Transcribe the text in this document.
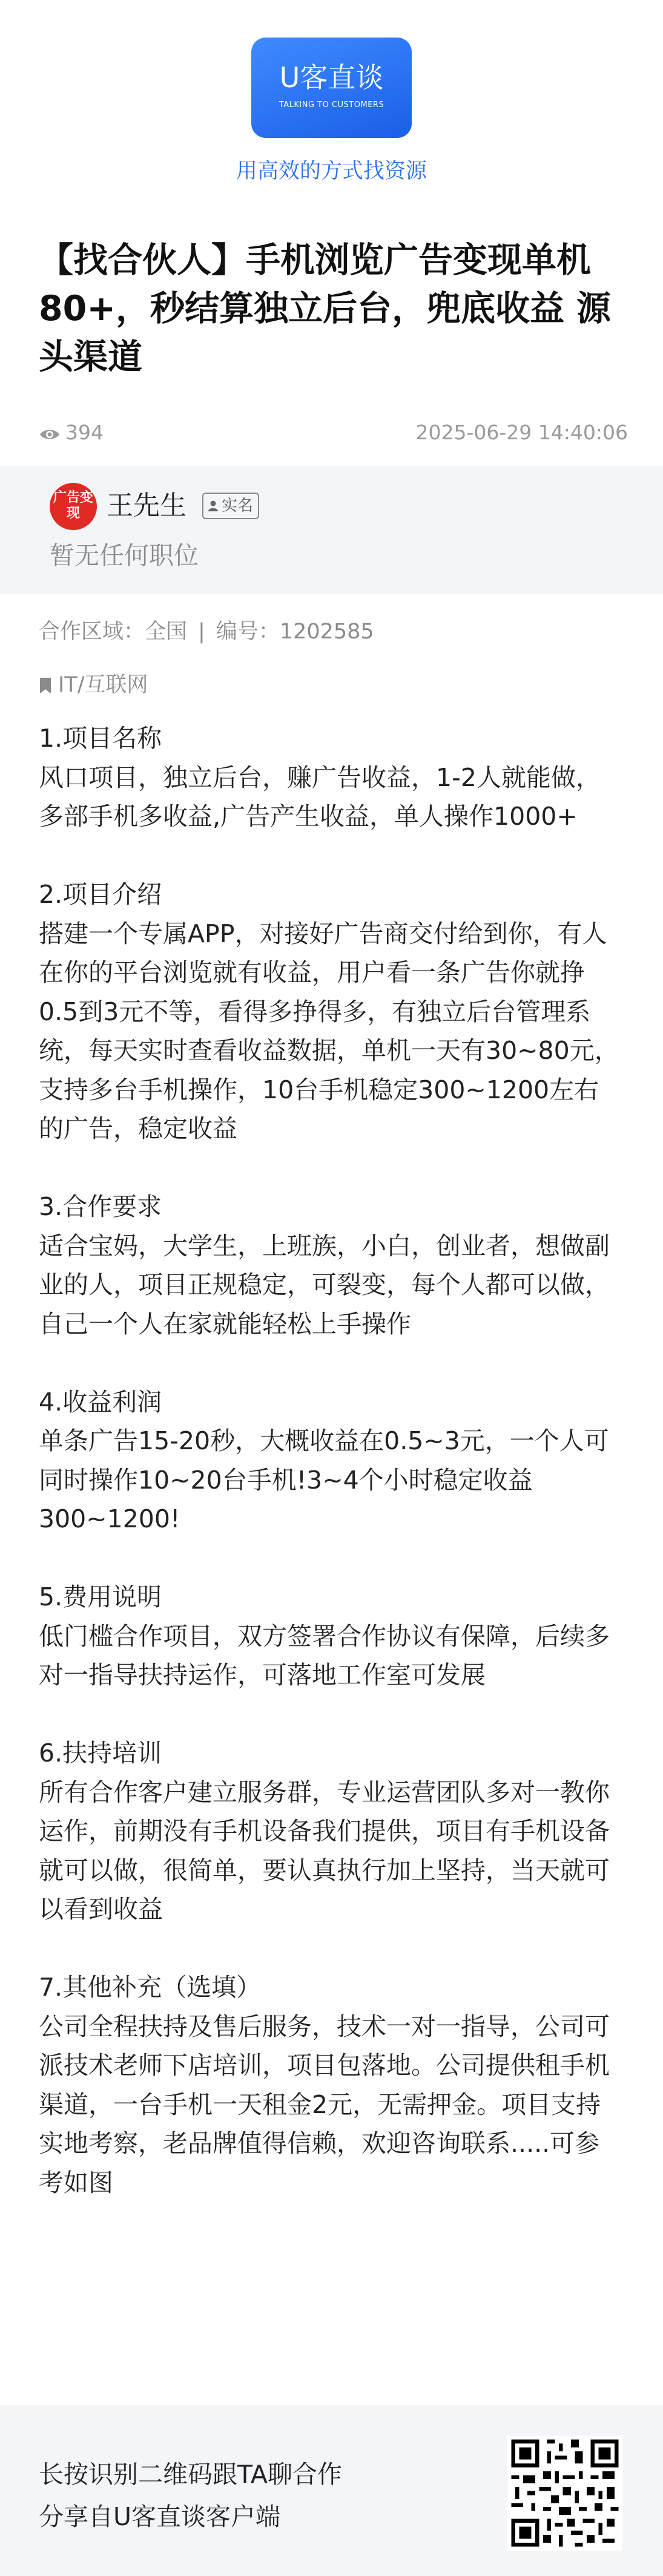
U客直谈
TALKING TO CUSTOMERS
用高效的方式找资源
【找合伙人】手机浏览广告变现单机80+，秒结算独立后台，兜底收益 源头渠道
394	2025-06-29 14:40:06
广告变现	王先生	实名
暂无任何职位
合作区域：全国 | 编号：1202585
IT/互联网

1.项目名称

风口项目，独立后台，赚广告收益，1-2人就能做，多部手机多收益,广告产生收益，单人操作1000+

2.项目介绍

搭建一个专属APP，对接好广告商交付给到你，有人在你的平台浏览就有收益，用户看一条广告你就挣0.5到3元不等，看得多挣得多，有独立后台管理系统，每天实时查看收益数据，单机一天有30~80元，支持多台手机操作，10台手机稳定300~1200左右的广告，稳定收益

3.合作要求

适合宝妈，大学生，上班族，小白，创业者，想做副业的人，项目正规稳定，可裂变，每个人都可以做，自己一个人在家就能轻松上手操作

4.收益利润

单条广告15-20秒，大概收益在0.5~3元，一个人可同时操作10~20台手机!3~4个小时稳定收益300~1200!

5.费用说明

低门槛合作项目，双方签署合作协议有保障，后续多对一指导扶持运作，可落地工作室可发展

6.扶持培训

所有合作客户建立服务群，专业运营团队多对一教你运作，前期没有手机设备我们提供，项目有手机设备就可以做，很简单，要认真执行加上坚持，当天就可以看到收益

7.其他补充（选填）

公司全程扶持及售后服务，技术一对一指导，公司可派技术老师下店培训，项目包落地。公司提供租手机渠道，一台手机一天租金2元，无需押金。项目支持实地考察，老品牌值得信赖，欢迎咨询联系.....可参考如图

长按识别二维码跟TA聊合作
分享自U客直谈客户端
